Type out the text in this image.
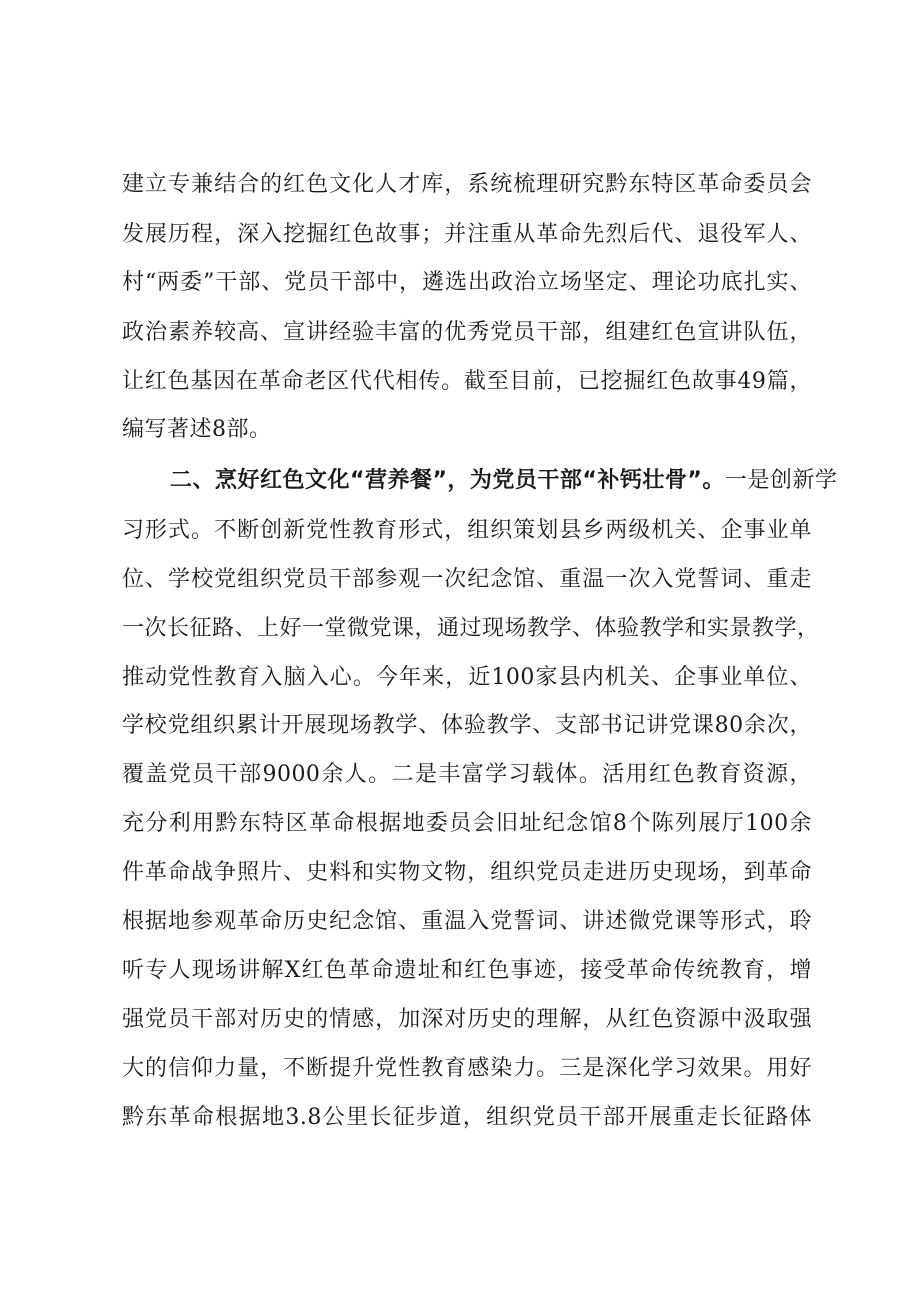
建立专兼结合的红色文化人才库，系统梳理研究黔东特区革命委员会
发展历程，深入挖掘红色故事；并注重从革命先烈后代、退役军人、
村“两委”干部、党员干部中，遴选出政治立场坚定、理论功底扎实、
政治素养较高、宣讲经验丰富的优秀党员干部，组建红色宣讲队伍，
让红色基因在革命老区代代相传。截至目前，已挖掘红色故事49篇，
编写著述8部。
二、烹好红色文化“营养餐”，为党员干部“补钙壮骨”。一是创新学
习形式。不断创新党性教育形式，组织策划县乡两级机关、企事业单
位、学校党组织党员干部参观一次纪念馆、重温一次入党誓词、重走
一次长征路、上好一堂微党课，通过现场教学、体验教学和实景教学，
推动党性教育入脑入心。今年来，近100家县内机关、企事业单位、
学校党组织累计开展现场教学、体验教学、支部书记讲党课80余次，
覆盖党员干部9000余人。二是丰富学习载体。活用红色教育资源，
充分利用黔东特区革命根据地委员会旧址纪念馆8个陈列展厅100余
件革命战争照片、史料和实物文物，组织党员走进历史现场，到革命
根据地参观革命历史纪念馆、重温入党誓词、讲述微党课等形式，聆
听专人现场讲解X红色革命遗址和红色事迹，接受革命传统教育，增
强党员干部对历史的情感，加深对历史的理解，从红色资源中汲取强
大的信仰力量，不断提升党性教育感染力。三是深化学习效果。用好
黔东革命根据地3.8公里长征步道，组织党员干部开展重走长征路体
